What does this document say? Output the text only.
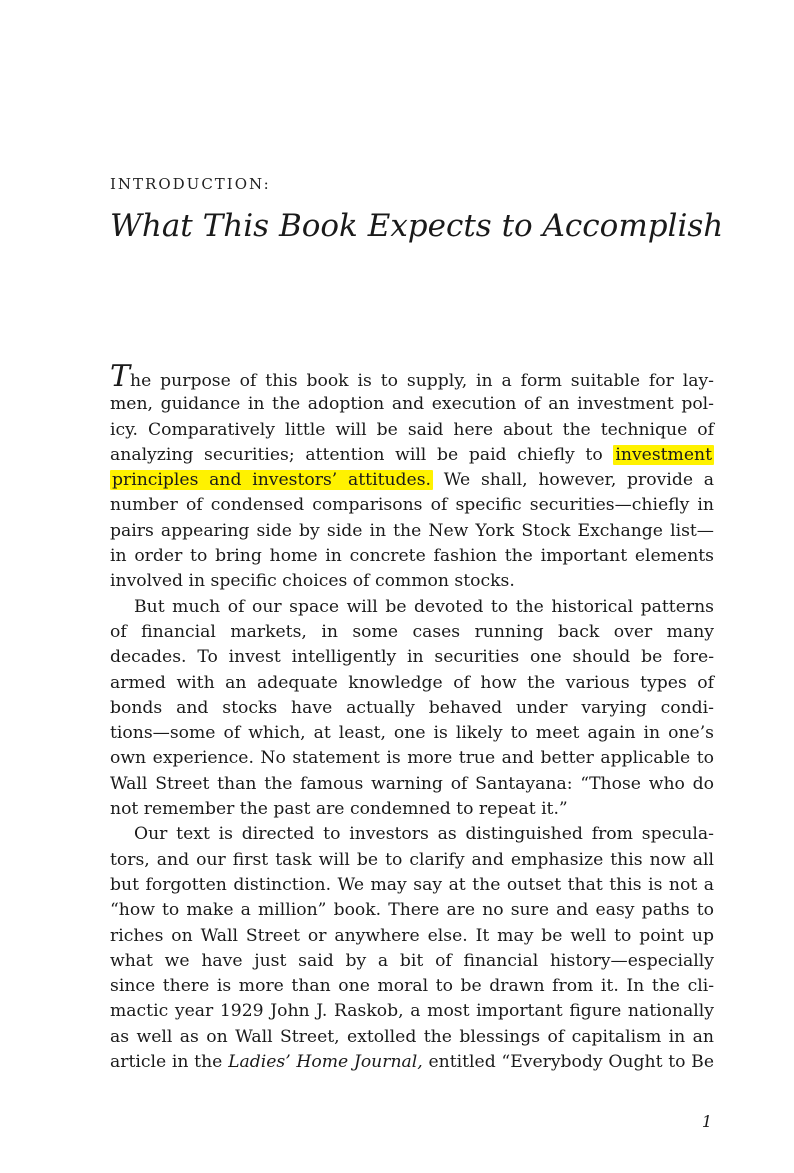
INTRODUCTION:
What This Book Expects to Accomplish
The purpose of this book is to supply, in a form suitable for lay-
men, guidance in the adoption and execution of an investment pol-
icy. Comparatively little will be said here about the technique of
analyzing securities; attention will be paid chiefly to investment
principles and investors’ attitudes. We shall, however, provide a
number of condensed comparisons of specific securities—chiefly in
pairs appearing side by side in the New York Stock Exchange list—
in order to bring home in concrete fashion the important elements
involved in specific choices of common stocks.
But much of our space will be devoted to the historical patterns
of financial markets, in some cases running back over many
decades. To invest intelligently in securities one should be fore-
armed with an adequate knowledge of how the various types of
bonds and stocks have actually behaved under varying condi-
tions—some of which, at least, one is likely to meet again in one’s
own experience. No statement is more true and better applicable to
Wall Street than the famous warning of Santayana: “Those who do
not remember the past are condemned to repeat it.”
Our text is directed to investors as distinguished from specula-
tors, and our first task will be to clarify and emphasize this now all
but forgotten distinction. We may say at the outset that this is not a
“how to make a million” book. There are no sure and easy paths to
riches on Wall Street or anywhere else. It may be well to point up
what we have just said by a bit of financial history—especially
since there is more than one moral to be drawn from it. In the cli-
mactic year 1929 John J. Raskob, a most important figure nationally
as well as on Wall Street, extolled the blessings of capitalism in an
article in the Ladies’ Home Journal, entitled “Everybody Ought to Be
1
